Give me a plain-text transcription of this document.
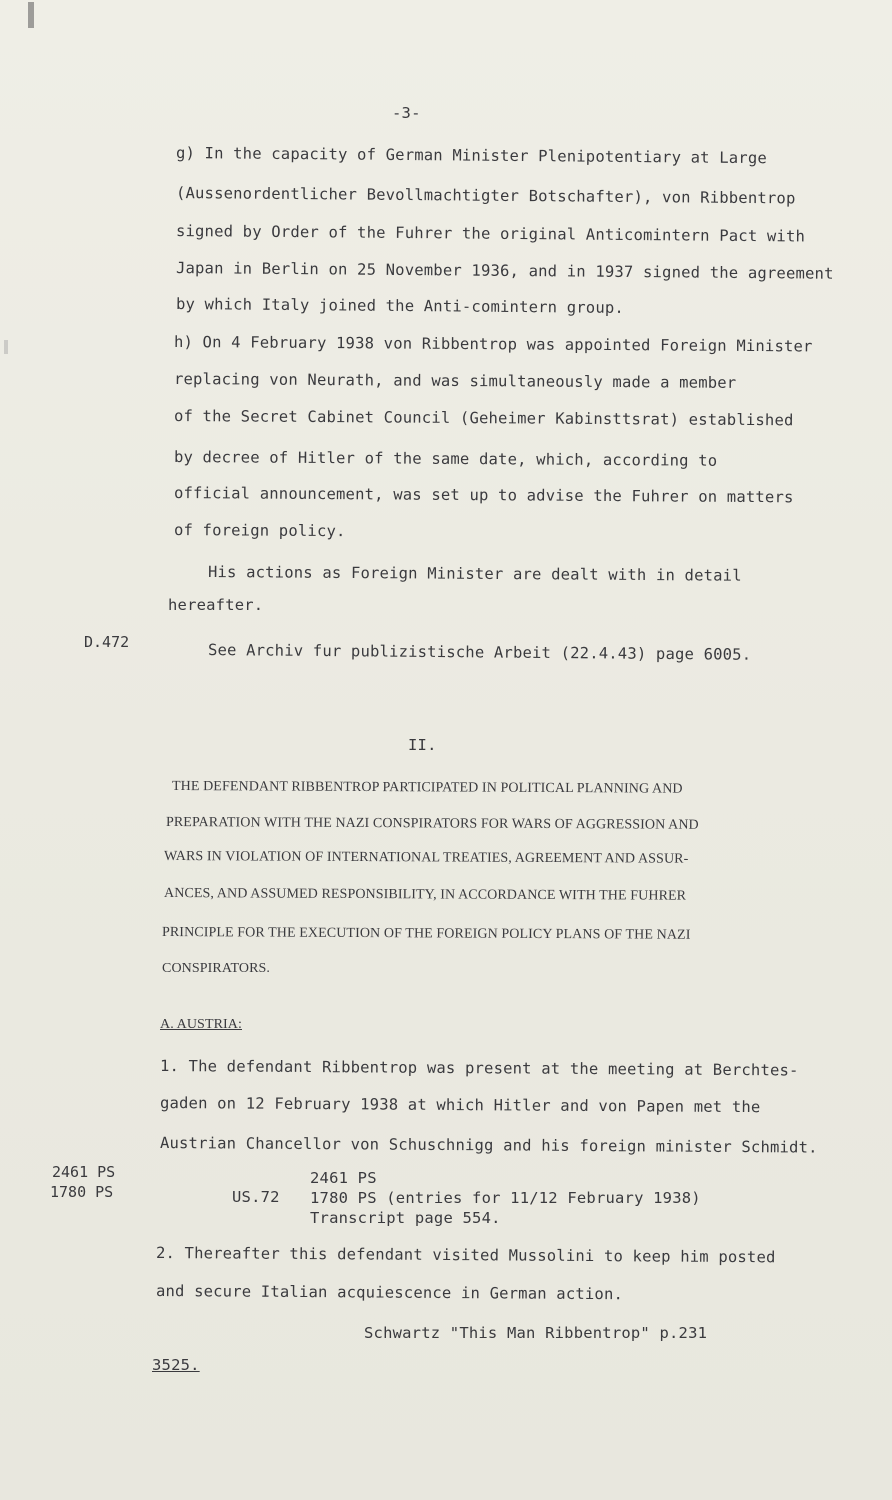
-3-
g) In the capacity of German Minister Plenipotentiary at Large
(Aussenordentlicher Bevollmachtigter Botschafter), von Ribbentrop
signed by Order of the Fuhrer the original Anticomintern Pact with
Japan in Berlin on 25 November 1936, and in 1937 signed the agreement
by which Italy joined the Anti-comintern group.
h) On 4 February 1938 von Ribbentrop was appointed Foreign Minister
replacing von Neurath, and was simultaneously made a member
of the Secret Cabinet Council (Geheimer Kabinsttsrat) established
by decree of Hitler of the same date, which, according to
official announcement, was set up to advise the Fuhrer on matters
of foreign policy.
His actions as Foreign Minister are dealt with in detail
hereafter.
D.472	See Archiv fur publizistische Arbeit (22.4.43) page 6005.
II.
THE DEFENDANT RIBBENTROP PARTICIPATED IN POLITICAL PLANNING AND
PREPARATION WITH THE NAZI CONSPIRATORS FOR WARS OF AGGRESSION AND
WARS IN VIOLATION OF INTERNATIONAL TREATIES, AGREEMENT AND ASSUR-
ANCES, AND ASSUMED RESPONSIBILITY, IN ACCORDANCE WITH THE FUHRER
PRINCIPLE FOR THE EXECUTION OF THE FOREIGN POLICY PLANS OF THE NAZI
CONSPIRATORS.
A. AUSTRIA:
1. The defendant Ribbentrop was present at the meeting at Berchtes-
gaden on 12 February 1938 at which Hitler and von Papen met the
Austrian Chancellor von Schuschnigg and his foreign minister Schmidt.
2461 PS
1780 PS	US.72
2461 PS
1780 PS (entries for 11/12 February 1938)
Transcript page 554.
2. Thereafter this defendant visited Mussolini to keep him posted
and secure Italian acquiescence in German action.
Schwartz "This Man Ribbentrop" p.231
3525.
